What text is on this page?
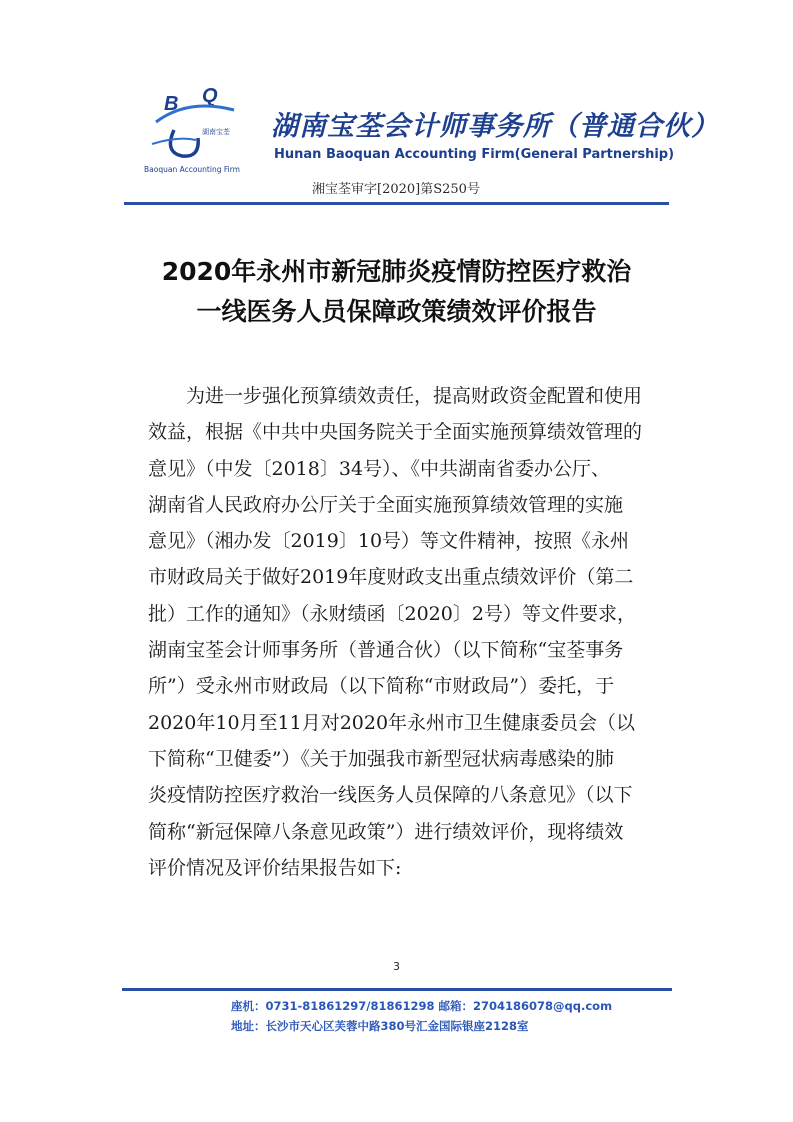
B Q
湖南宝荃
Baoquan Accounting Firm
湖南宝荃会计师事务所（普通合伙）
Hunan Baoquan Accounting Firm(General Partnership)
湘宝荃审字[2020]第S250号
2020年永州市新冠肺炎疫情防控医疗救治
一线医务人员保障政策绩效评价报告
为进一步强化预算绩效责任，提高财政资金配置和使用
效益，根据《中共中央国务院关于全面实施预算绩效管理的
意见》（中发〔2018〕34号）、《中共湖南省委办公厅、
湖南省人民政府办公厅关于全面实施预算绩效管理的实施
意见》（湘办发〔2019〕10号）等文件精神，按照《永州
市财政局关于做好2019年度财政支出重点绩效评价（第二
批）工作的通知》（永财绩函〔2020〕2号）等文件要求，
湖南宝荃会计师事务所（普通合伙）（以下简称“宝荃事务
所”）受永州市财政局（以下简称“市财政局”）委托，于
2020年10月至11月对2020年永州市卫生健康委员会（以
下简称“卫健委”）《关于加强我市新型冠状病毒感染的肺
炎疫情防控医疗救治一线医务人员保障的八条意见》（以下
简称“新冠保障八条意见政策”）进行绩效评价，现将绩效
评价情况及评价结果报告如下:
3
座机：0731-81861297/81861298 邮箱：2704186078@qq.com
地址：长沙市天心区芙蓉中路380号汇金国际银座2128室
